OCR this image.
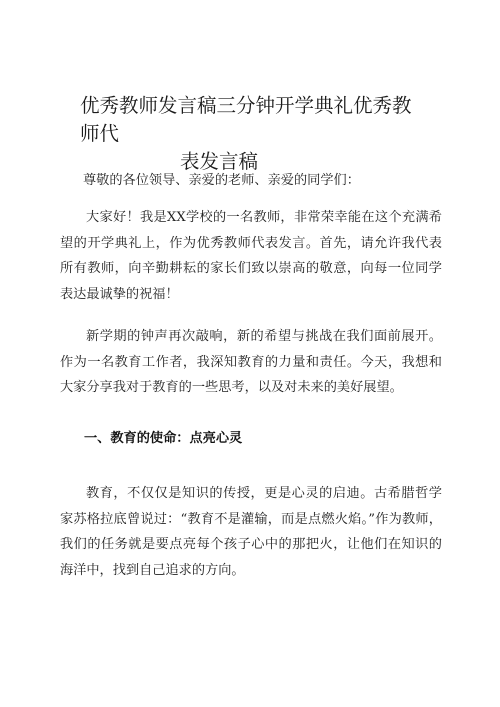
优秀教师发言稿三分钟开学典礼优秀教师代
表发言稿
尊敬的各位领导、亲爱的老师、亲爱的同学们：

大家好！我是XX学校的一名教师，非常荣幸能在这个充满希望的开学典礼上，作为优秀教师代表发言。首先，请允许我代表所有教师，向辛勤耕耘的家长们致以崇高的敬意，向每一位同学表达最诚挚的祝福！

新学期的钟声再次敲响，新的希望与挑战在我们面前展开。作为一名教育工作者，我深知教育的力量和责任。今天，我想和大家分享我对于教育的一些思考，以及对未来的美好展望。

一、教育的使命：点亮心灵

教育，不仅仅是知识的传授，更是心灵的启迪。古希腊哲学家苏格拉底曾说过：“教育不是灌输，而是点燃火焰。”作为教师，我们的任务就是要点亮每个孩子心中的那把火，让他们在知识的海洋中，找到自己追求的方向。
